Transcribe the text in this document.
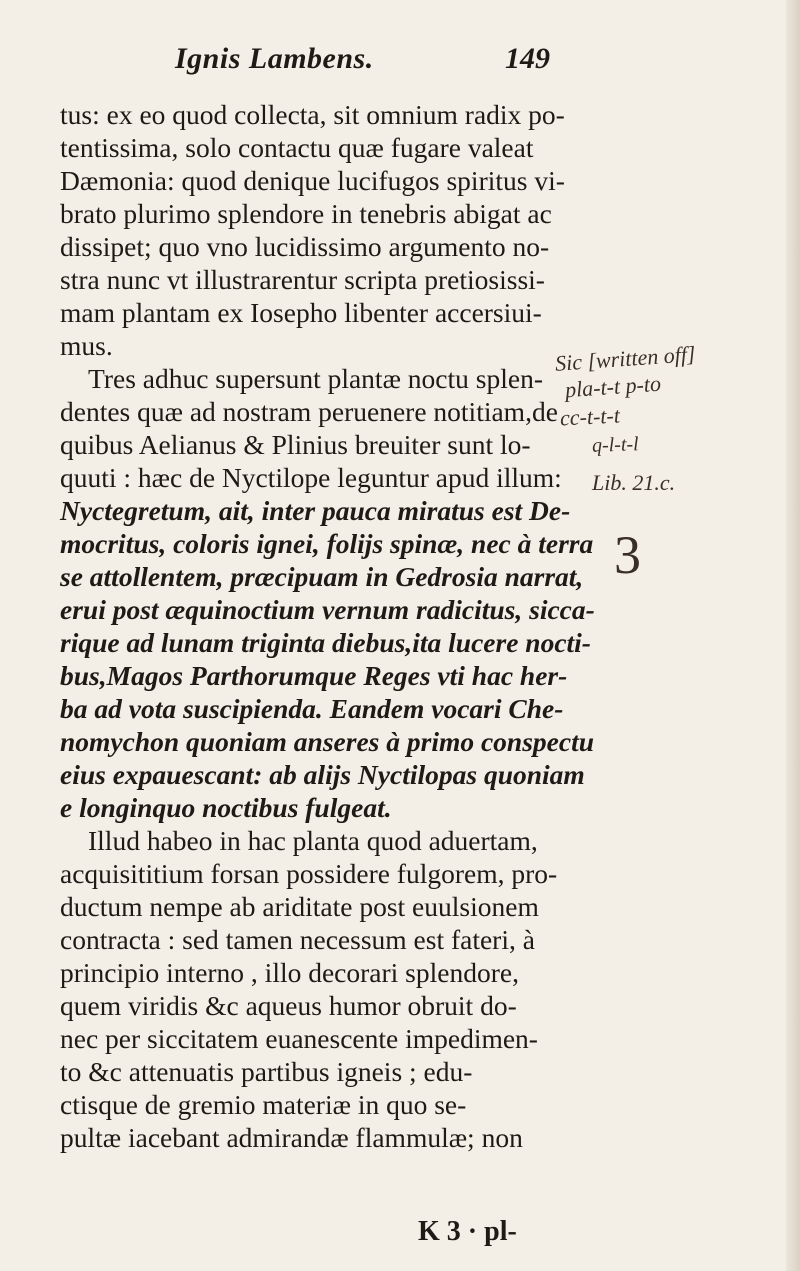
Ignis Lambens.	149
tus: ex eo quod collecta, sit omnium radix po-
tentissima, solo contactu quæ fugare valeat
Dæmonia: quod denique lucifugos spiritus vi-
brato plurimo splendore in tenebris abigat ac
dissipet; quo vno lucidissimo argumento no-
stra nunc vt illustrarentur scripta pretiosissi-
mam plantam ex Iosepho libenter accersiui-
mus.
Tres adhuc supersunt plantæ noctu splen-
dentes quæ ad nostram peruenere notitiam,de
quibus Aelianus & Plinius breuiter sunt lo-
quuti : hæc de Nyctilope leguntur apud illum:
Nyctegretum, ait, inter pauca miratus est De-
mocritus, coloris ignei, folijs spinæ, nec à terra
se attollentem, præcipuam in Gedrosia narrat,
erui post æquinoctium vernum radicitus, sicca-
rique ad lunam triginta diebus,ita lucere nocti-
bus,Magos Parthorumque Reges vti hac her-
ba ad vota suscipienda. Eandem vocari Che-
nomychon quoniam anseres à primo conspectu
eius expauescant: ab alijs Nyctilopas quoniam
e longinquo noctibus fulgeat.
Illud habeo in hac planta quod aduertam,
acquisititium forsan possidere fulgorem, pro-
ductum nempe ab ariditate post euulsionem
contracta : sed tamen necessum est fateri, à
principio interno , illo decorari splendore,
quem viridis &c aqueus humor obruit do-
nec per siccitatem euanescente impedimen-
to &c attenuatis partibus igneis ; edu-
ctisque de gremio materiæ in quo se-
pultæ iacebant admirandæ flammulæ; non
K 3 · pl-
Sic [written off]
pla-t-t p-to
cc-t-t-t
q-l-t-l
Lib. 21.c.
3
